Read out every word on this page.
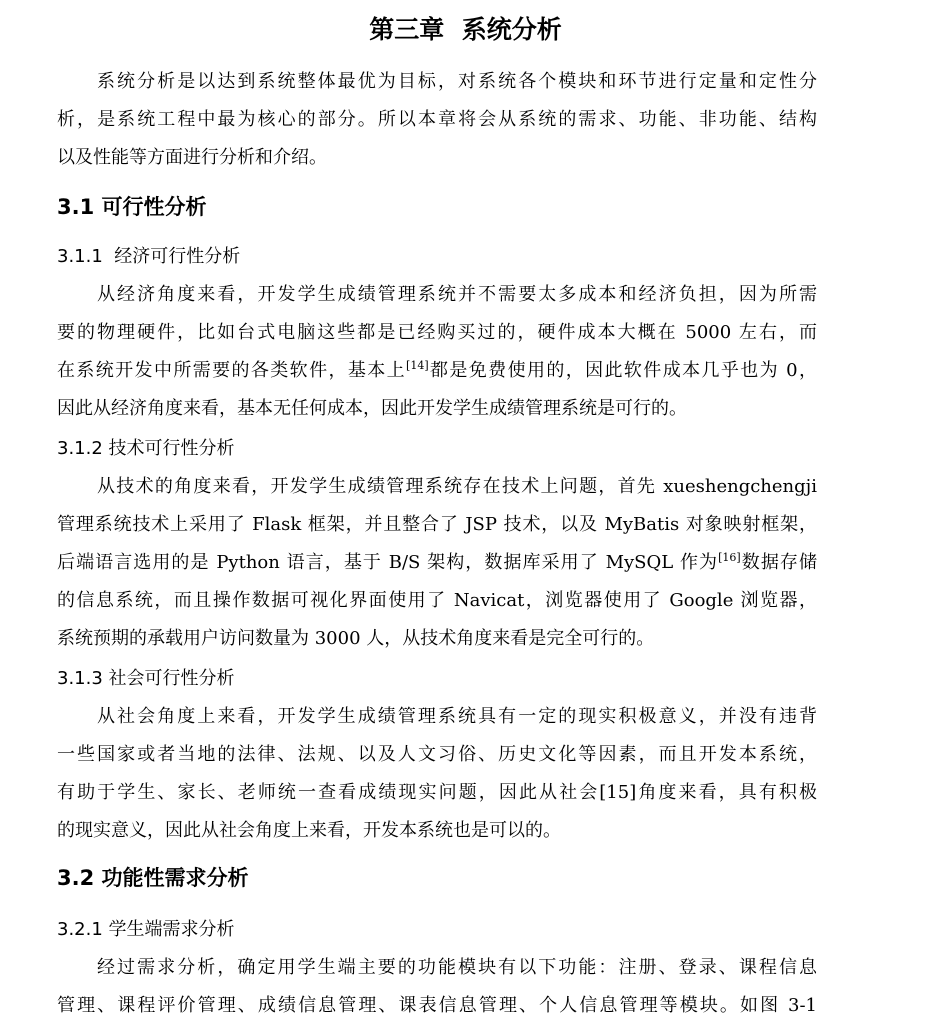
第三章  系统分析
系统分析是以达到系统整体最优为目标，对系统各个模块和环节进行定量和定性分
析，是系统工程中最为核心的部分。所以本章将会从系统的需求、功能、非功能、结构
以及性能等方面进行分析和介绍。
3.1 可行性分析
3.1.1  经济可行性分析
从经济角度来看，开发学生成绩管理系统并不需要太多成本和经济负担，因为所需
要的物理硬件，比如台式电脑这些都是已经购买过的，硬件成本大概在 5000 左右，而
在系统开发中所需要的各类软件，基本上[14]都是免费使用的，因此软件成本几乎也为 0，
因此从经济角度来看，基本无任何成本，因此开发学生成绩管理系统是可行的。
3.1.2 技术可行性分析
从技术的角度来看，开发学生成绩管理系统存在技术上问题，首先 xueshengchengji
管理系统技术上采用了 Flask 框架，并且整合了 JSP 技术，以及 MyBatis 对象映射框架，
后端语言选用的是 Python 语言，基于 B/S 架构，数据库采用了 MySQL 作为[16]数据存储
的信息系统，而且操作数据可视化界面使用了 Navicat，浏览器使用了 Google 浏览器，
系统预期的承载用户访问数量为 3000 人，从技术角度来看是完全可行的。
3.1.3 社会可行性分析
从社会角度上来看，开发学生成绩管理系统具有一定的现实积极意义，并没有违背
一些国家或者当地的法律、法规、以及人文习俗、历史文化等因素，而且开发本系统，
有助于学生、家长、老师统一查看成绩现实问题，因此从社会[15]角度来看，具有积极
的现实意义，因此从社会角度上来看，开发本系统也是可以的。
3.2 功能性需求分析
3.2.1 学生端需求分析
经过需求分析，确定用学生端主要的功能模块有以下功能：注册、登录、课程信息
管理、课程评价管理、成绩信息管理、课表信息管理、个人信息管理等模块。如图 3-1
